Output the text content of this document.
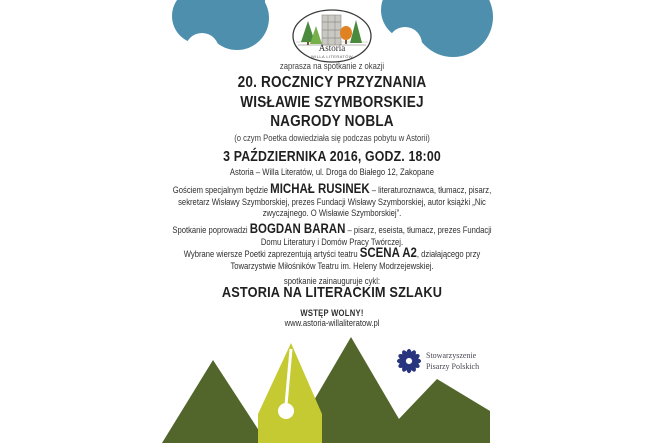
Astoria
WILLA LITERATÓW
zaprasza na spotkanie z okazji
20. ROCZNICY PRZYZNANIA
WISŁAWIE SZYMBORSKIEJ
NAGRODY NOBLA
(o czym Poetka dowiedziała się podczas pobytu w Astorii)
3 PAŹDZIERNIKA 2016, GODZ. 18:00
Astoria – Willa Literatów, ul. Droga do Białego 12, Zakopane
Gościem specjalnym będzie MICHAŁ RUSINEK – literaturoznawca, tłumacz, pisarz, sekretarz Wisławy Szymborskiej, prezes Fundacji Wisławy Szymborskiej, autor książki „Nic zwyczajnego. O Wisławie Szymborskiej”.
Spotkanie poprowadzi BOGDAN BARAN – pisarz, eseista, tłumacz, prezes Fundacji Domu Literatury i Domów Pracy Twórczej.
Wybrane wiersze Poetki zaprezentują artyści teatru SCENA A2, działającego przy Towarzystwie Miłośników Teatru im. Heleny Modrzejewskiej.
spotkanie zainauguruje cykl:
ASTORIA NA LITERACKIM SZLAKU
WSTĘP WOLNY!
www.astoria-willaliteratow.pl
Stowarzyszenie
Pisarzy Polskich
